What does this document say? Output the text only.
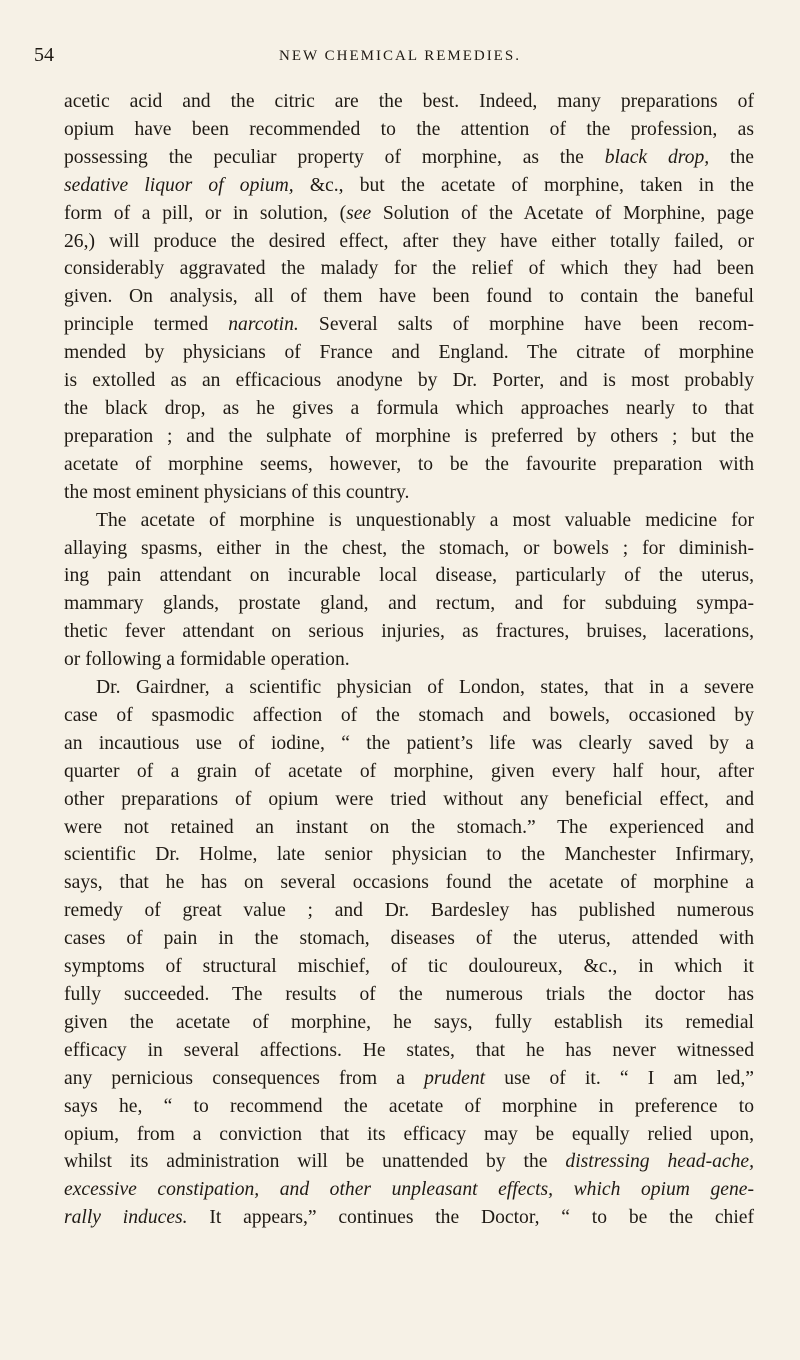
54	NEW CHEMICAL REMEDIES.

acetic acid and the citric are the best. Indeed, many preparations of
opium have been recommended to the attention of the profession, as
possessing the peculiar property of morphine, as the black drop, the
sedative liquor of opium, &c., but the acetate of morphine, taken in the
form of a pill, or in solution, (see Solution of the Acetate of Morphine, page
26,) will produce the desired effect, after they have either totally failed, or
considerably aggravated the malady for the relief of which they had been
given. On analysis, all of them have been found to contain the baneful
principle termed narcotin. Several salts of morphine have been recom-
mended by physicians of France and England. The citrate of morphine
is extolled as an efficacious anodyne by Dr. Porter, and is most probably
the black drop, as he gives a formula which approaches nearly to that
preparation ; and the sulphate of morphine is preferred by others ; but the
acetate of morphine seems, however, to be the favourite preparation with
the most eminent physicians of this country.

The acetate of morphine is unquestionably a most valuable medicine for
allaying spasms, either in the chest, the stomach, or bowels ; for diminish-
ing pain attendant on incurable local disease, particularly of the uterus,
mammary glands, prostate gland, and rectum, and for subduing sympa-
thetic fever attendant on serious injuries, as fractures, bruises, lacerations,
or following a formidable operation.

Dr. Gairdner, a scientific physician of London, states, that in a severe
case of spasmodic affection of the stomach and bowels, occasioned by
an incautious use of iodine, “ the patient’s life was clearly saved by a
quarter of a grain of acetate of morphine, given every half hour, after
other preparations of opium were tried without any beneficial effect, and
were not retained an instant on the stomach.” The experienced and
scientific Dr. Holme, late senior physician to the Manchester Infirmary,
says, that he has on several occasions found the acetate of morphine a
remedy of great value ; and Dr. Bardesley has published numerous
cases of pain in the stomach, diseases of the uterus, attended with
symptoms of structural mischief, of tic douloureux, &c., in which it
fully succeeded. The results of the numerous trials the doctor has
given the acetate of morphine, he says, fully establish its remedial
efficacy in several affections. He states, that he has never witnessed
any pernicious consequences from a prudent use of it. “ I am led,”
says he, “ to recommend the acetate of morphine in preference to
opium, from a conviction that its efficacy may be equally relied upon,
whilst its administration will be unattended by the distressing head-ache,
excessive constipation, and other unpleasant effects, which opium gene-
rally induces. It appears,” continues the Doctor, “ to be the chief
